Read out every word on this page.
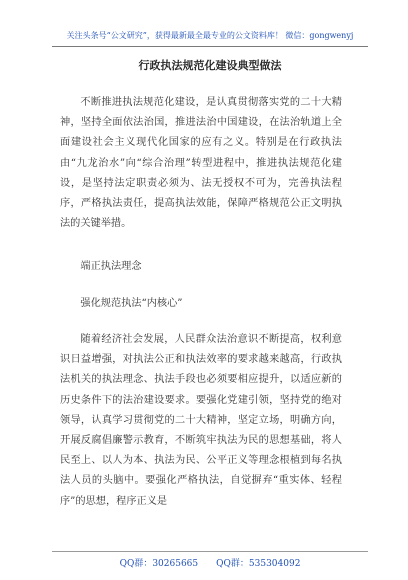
关注头条号“公文研究”，获得最新最全最专业的公文资料库！ 微信：gongwenyj
行政执法规范化建设典型做法

不断推进执法规范化建设，是认真贯彻落实党的二十大精神，坚持全面依法治国，推进法治中国建设，在法治轨道上全面建设社会主义现代化国家的应有之义。特别是在行政执法由“九龙治水”向“综合治理”转型进程中，推进执法规范化建设，是坚持法定职责必须为、法无授权不可为，完善执法程序，严格执法责任，提高执法效能，保障严格规范公正文明执法的关键举措。

端正执法理念

强化规范执法“内核心”

随着经济社会发展，人民群众法治意识不断提高，权利意识日益增强，对执法公正和执法效率的要求越来越高，行政执法机关的执法理念、执法手段也必须要相应提升，以适应新的历史条件下的法治建设要求。要强化党建引领，坚持党的绝对领导，认真学习贯彻党的二十大精神，坚定立场，明确方向，开展反腐倡廉警示教育，不断筑牢执法为民的思想基础，将人民至上、以人为本、执法为民、公平正义等理念根植到每名执法人员的头脑中。要强化严格执法，自觉摒弃“重实体、轻程序”的思想，程序正义是

QQ群：30265665　　QQ群：535304092
